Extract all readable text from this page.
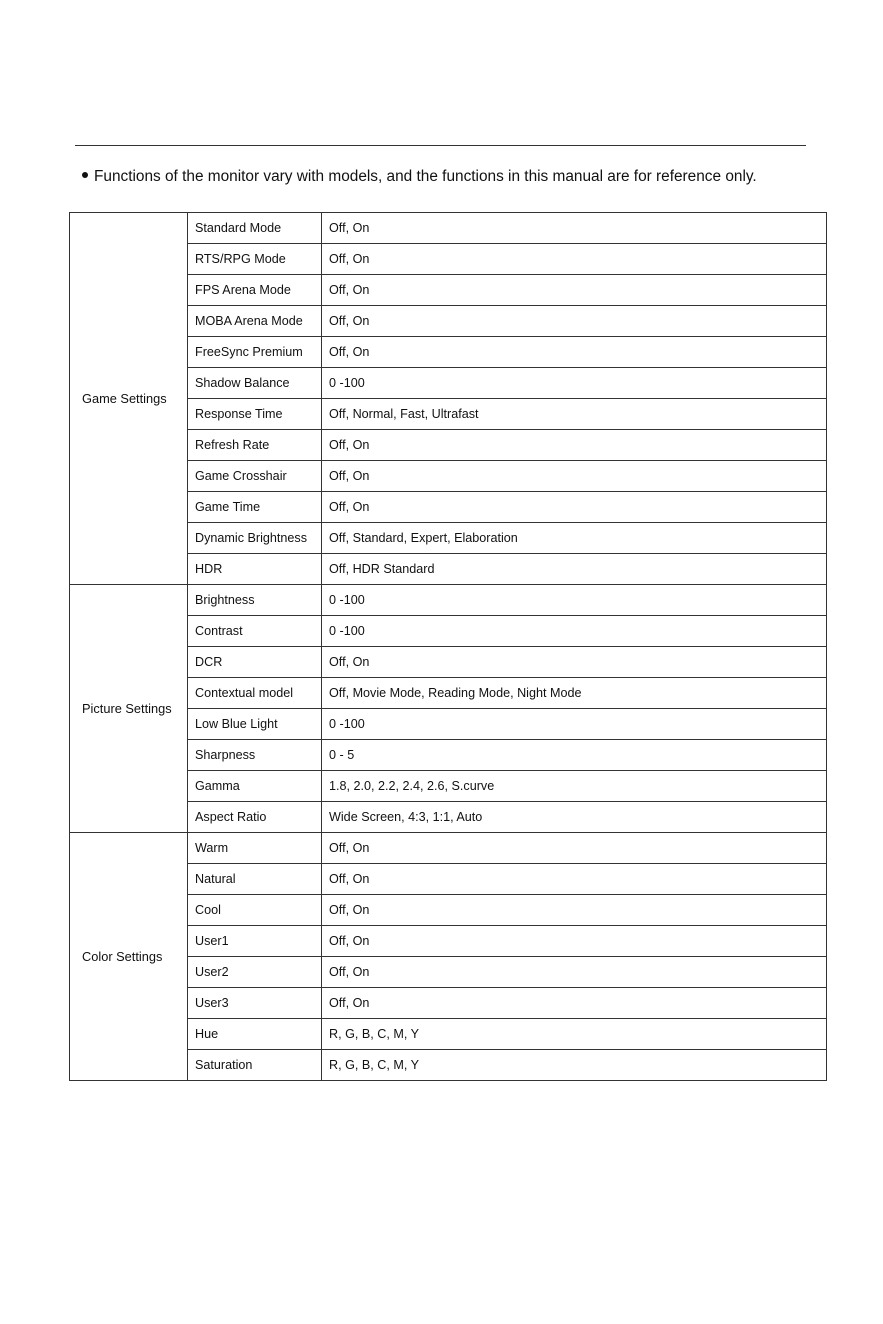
Functions of the monitor vary with models, and the functions in this manual are for reference only.
Game Settings	Standard Mode	Off, On
	RTS/RPG Mode	Off, On
	FPS Arena Mode	Off, On
	MOBA Arena Mode	Off, On
	FreeSync Premium	Off, On
	Shadow Balance	0 -100
	Response Time	Off, Normal, Fast, Ultrafast
	Refresh Rate	Off, On
	Game Crosshair	Off, On
	Game Time	Off, On
	Dynamic Brightness	Off, Standard, Expert, Elaboration
	HDR	Off, HDR Standard
Picture Settings	Brightness	0 -100
	Contrast	0 -100
	DCR	Off, On
	Contextual model	Off, Movie Mode, Reading Mode, Night Mode
	Low Blue Light	0 -100
	Sharpness	0 - 5
	Gamma	1.8, 2.0, 2.2, 2.4, 2.6, S.curve
	Aspect Ratio	Wide Screen, 4:3, 1:1, Auto
Color Settings	Warm	Off, On
	Natural	Off, On
	Cool	Off, On
	User1	Off, On
	User2	Off, On
	User3	Off, On
	Hue	R, G, B, C, M, Y
	Saturation	R, G, B, C, M, Y
